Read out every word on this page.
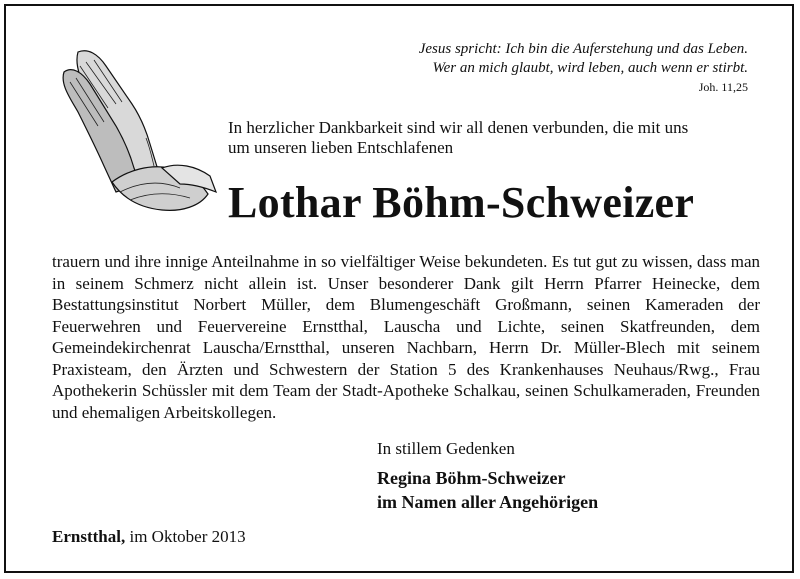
Jesus spricht: Ich bin die Auferstehung und das Leben.
Wer an mich glaubt, wird leben, auch wenn er stirbt.
Joh. 11,25
In herzlicher Dankbarkeit sind wir all denen verbunden, die mit uns
um unseren lieben Entschlafenen
Lothar Böhm-Schweizer
trauern und ihre innige Anteilnahme in so vielfältiger Weise bekundeten. Es tut gut zu wissen, dass man in seinem Schmerz nicht allein ist. Unser besonderer Dank gilt Herrn Pfarrer Heinecke, dem Bestattungsinstitut Norbert Müller, dem Blumengeschäft Großmann, seinen Kameraden der Feuerwehren und Feuervereine Ernstthal, Lauscha und Lichte, seinen Skatfreunden, dem Gemeindekirchenrat Lauscha/Ernstthal, unseren Nachbarn, Herrn Dr. Müller-Blech mit seinem Praxisteam, den Ärzten und Schwestern der Station 5 des Krankenhauses Neuhaus/Rwg., Frau Apothekerin Schüssler mit dem Team der Stadt-Apotheke Schalkau, seinen Schulkameraden, Freunden und ehemaligen Arbeitskollegen.
In stillem Gedenken
Regina Böhm-Schweizer
im Namen aller Angehörigen
Ernstthal, im Oktober 2013
